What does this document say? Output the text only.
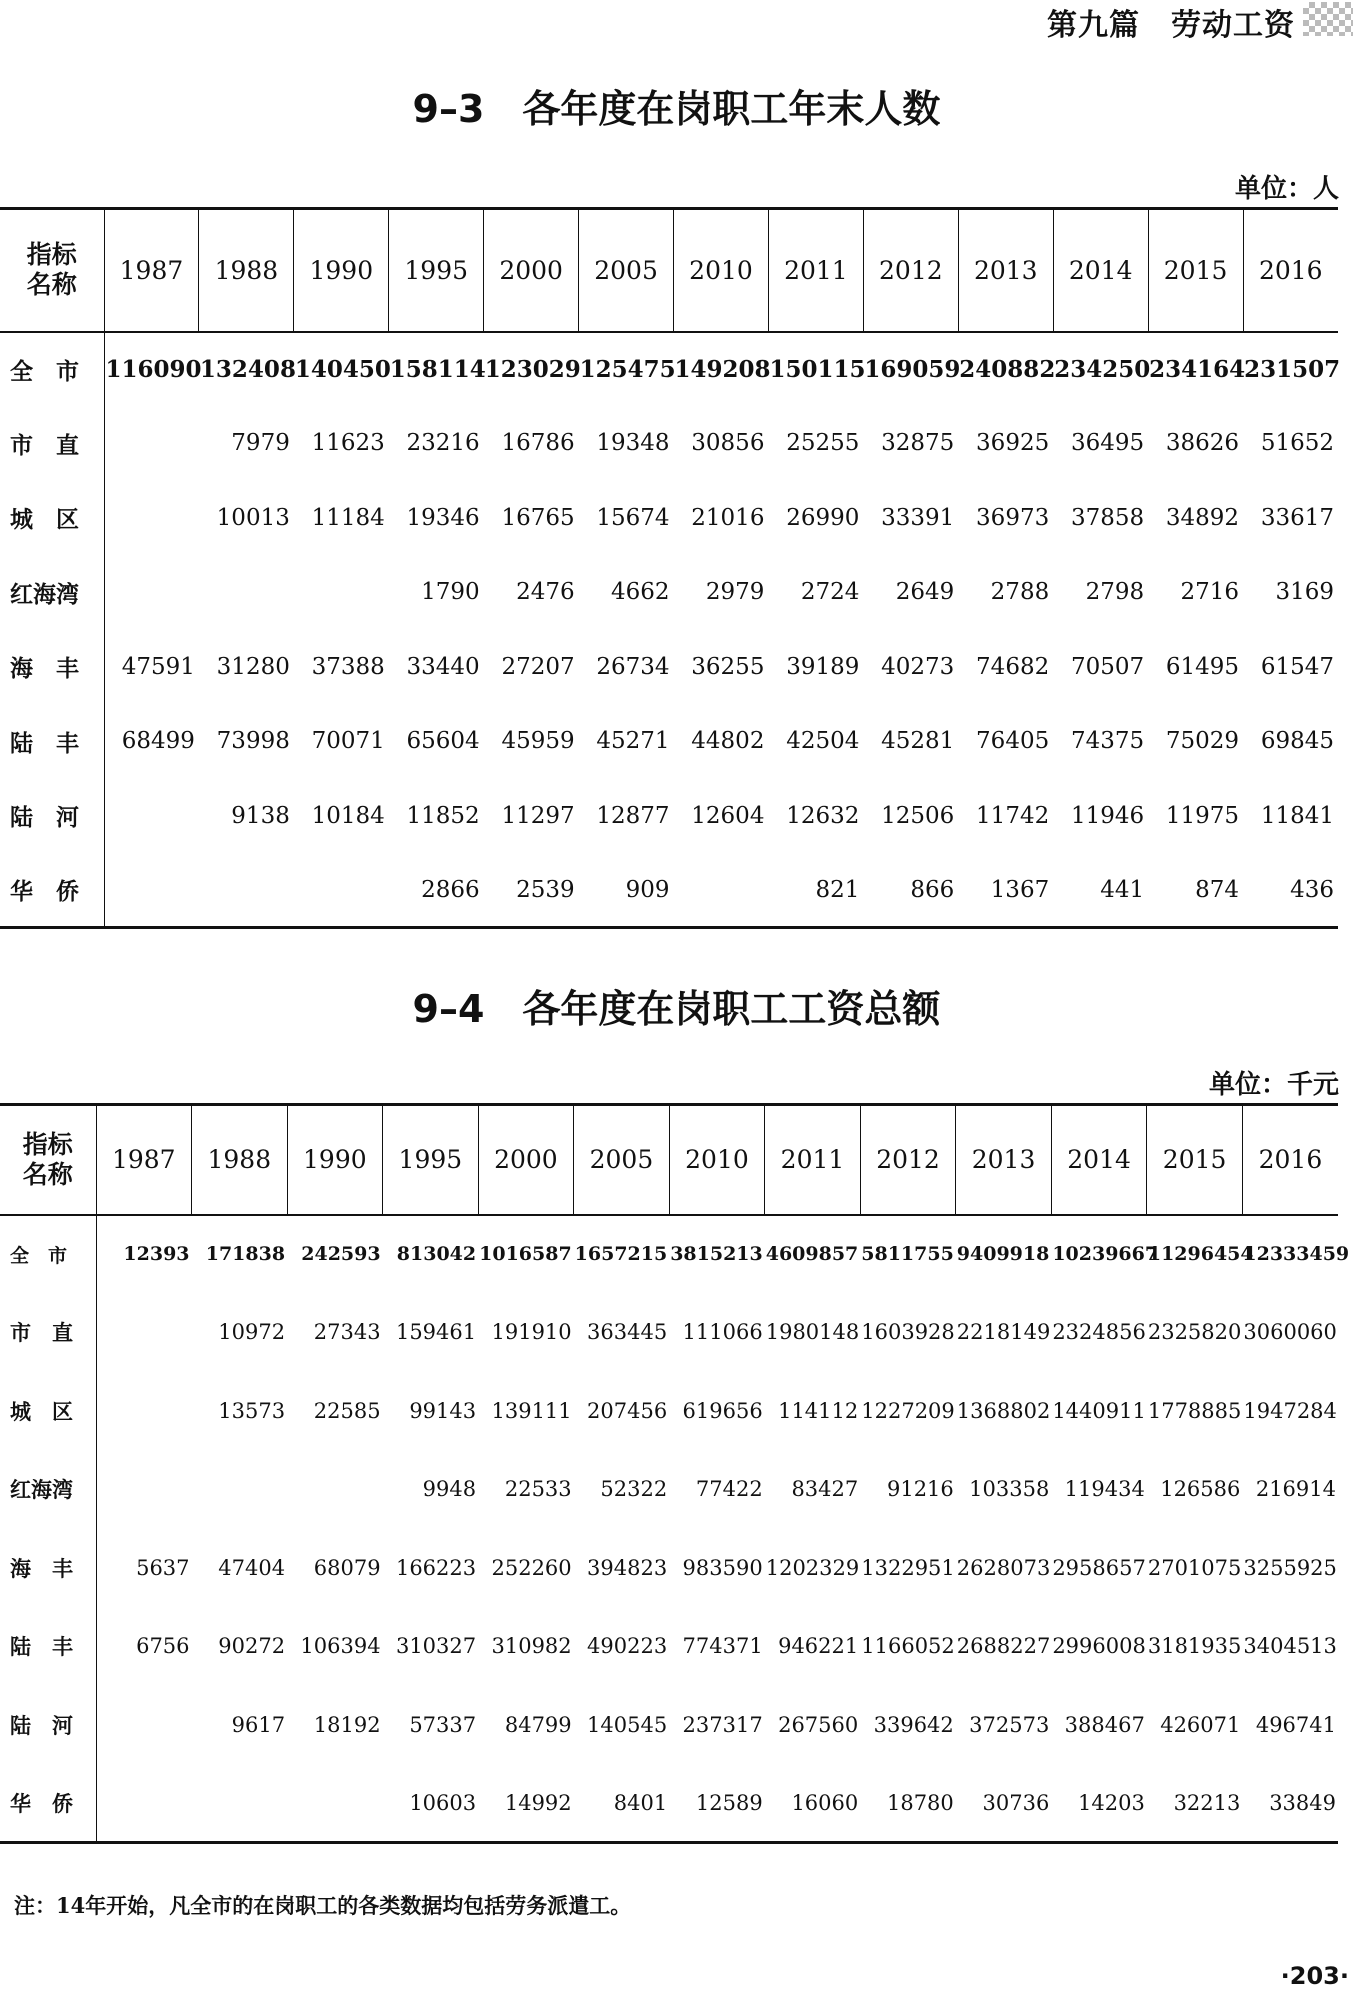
第九篇　劳动工资
9–3　各年度在岗职工年末人数
单位：人
指标
名称	1987	1988	1990	1995	2000	2005	2010	2011	2012	2013	2014	2015	2016
全　市	116090	132408	140450	158114	123029	125475	149208	150115	169059	240882	234250	234164	231507
市　直		7979	11623	23216	16786	19348	30856	25255	32875	36925	36495	38626	51652
城　区		10013	11184	19346	16765	15674	21016	26990	33391	36973	37858	34892	33617
红海湾				1790	2476	4662	2979	2724	2649	2788	2798	2716	3169
海　丰	47591	31280	37388	33440	27207	26734	36255	39189	40273	74682	70507	61495	61547
陆　丰	68499	73998	70071	65604	45959	45271	44802	42504	45281	76405	74375	75029	69845
陆　河		9138	10184	11852	11297	12877	12604	12632	12506	11742	11946	11975	11841
华　侨				2866	2539	909		821	866	1367	441	874	436
9–4　各年度在岗职工工资总额
单位：千元
指标
名称	1987	1988	1990	1995	2000	2005	2010	2011	2012	2013	2014	2015	2016
全　市	12393	171838	242593	813042	1016587	1657215	3815213	4609857	5811755	9409918	10239667	11296454	12333459
市　直		10972	27343	159461	191910	363445	111066	1980148	1603928	2218149	2324856	2325820	3060060
城　区		13573	22585	99143	139111	207456	619656	114112	1227209	1368802	1440911	1778885	1947284
红海湾				9948	22533	52322	77422	83427	91216	103358	119434	126586	216914
海　丰	5637	47404	68079	166223	252260	394823	983590	1202329	1322951	2628073	2958657	2701075	3255925
陆　丰	6756	90272	106394	310327	310982	490223	774371	946221	1166052	2688227	2996008	3181935	3404513
陆　河		9617	18192	57337	84799	140545	237317	267560	339642	372573	388467	426071	496741
华　侨				10603	14992	8401	12589	16060	18780	30736	14203	32213	33849
注：14年开始，凡全市的在岗职工的各类数据均包括劳务派遣工。
·203·
